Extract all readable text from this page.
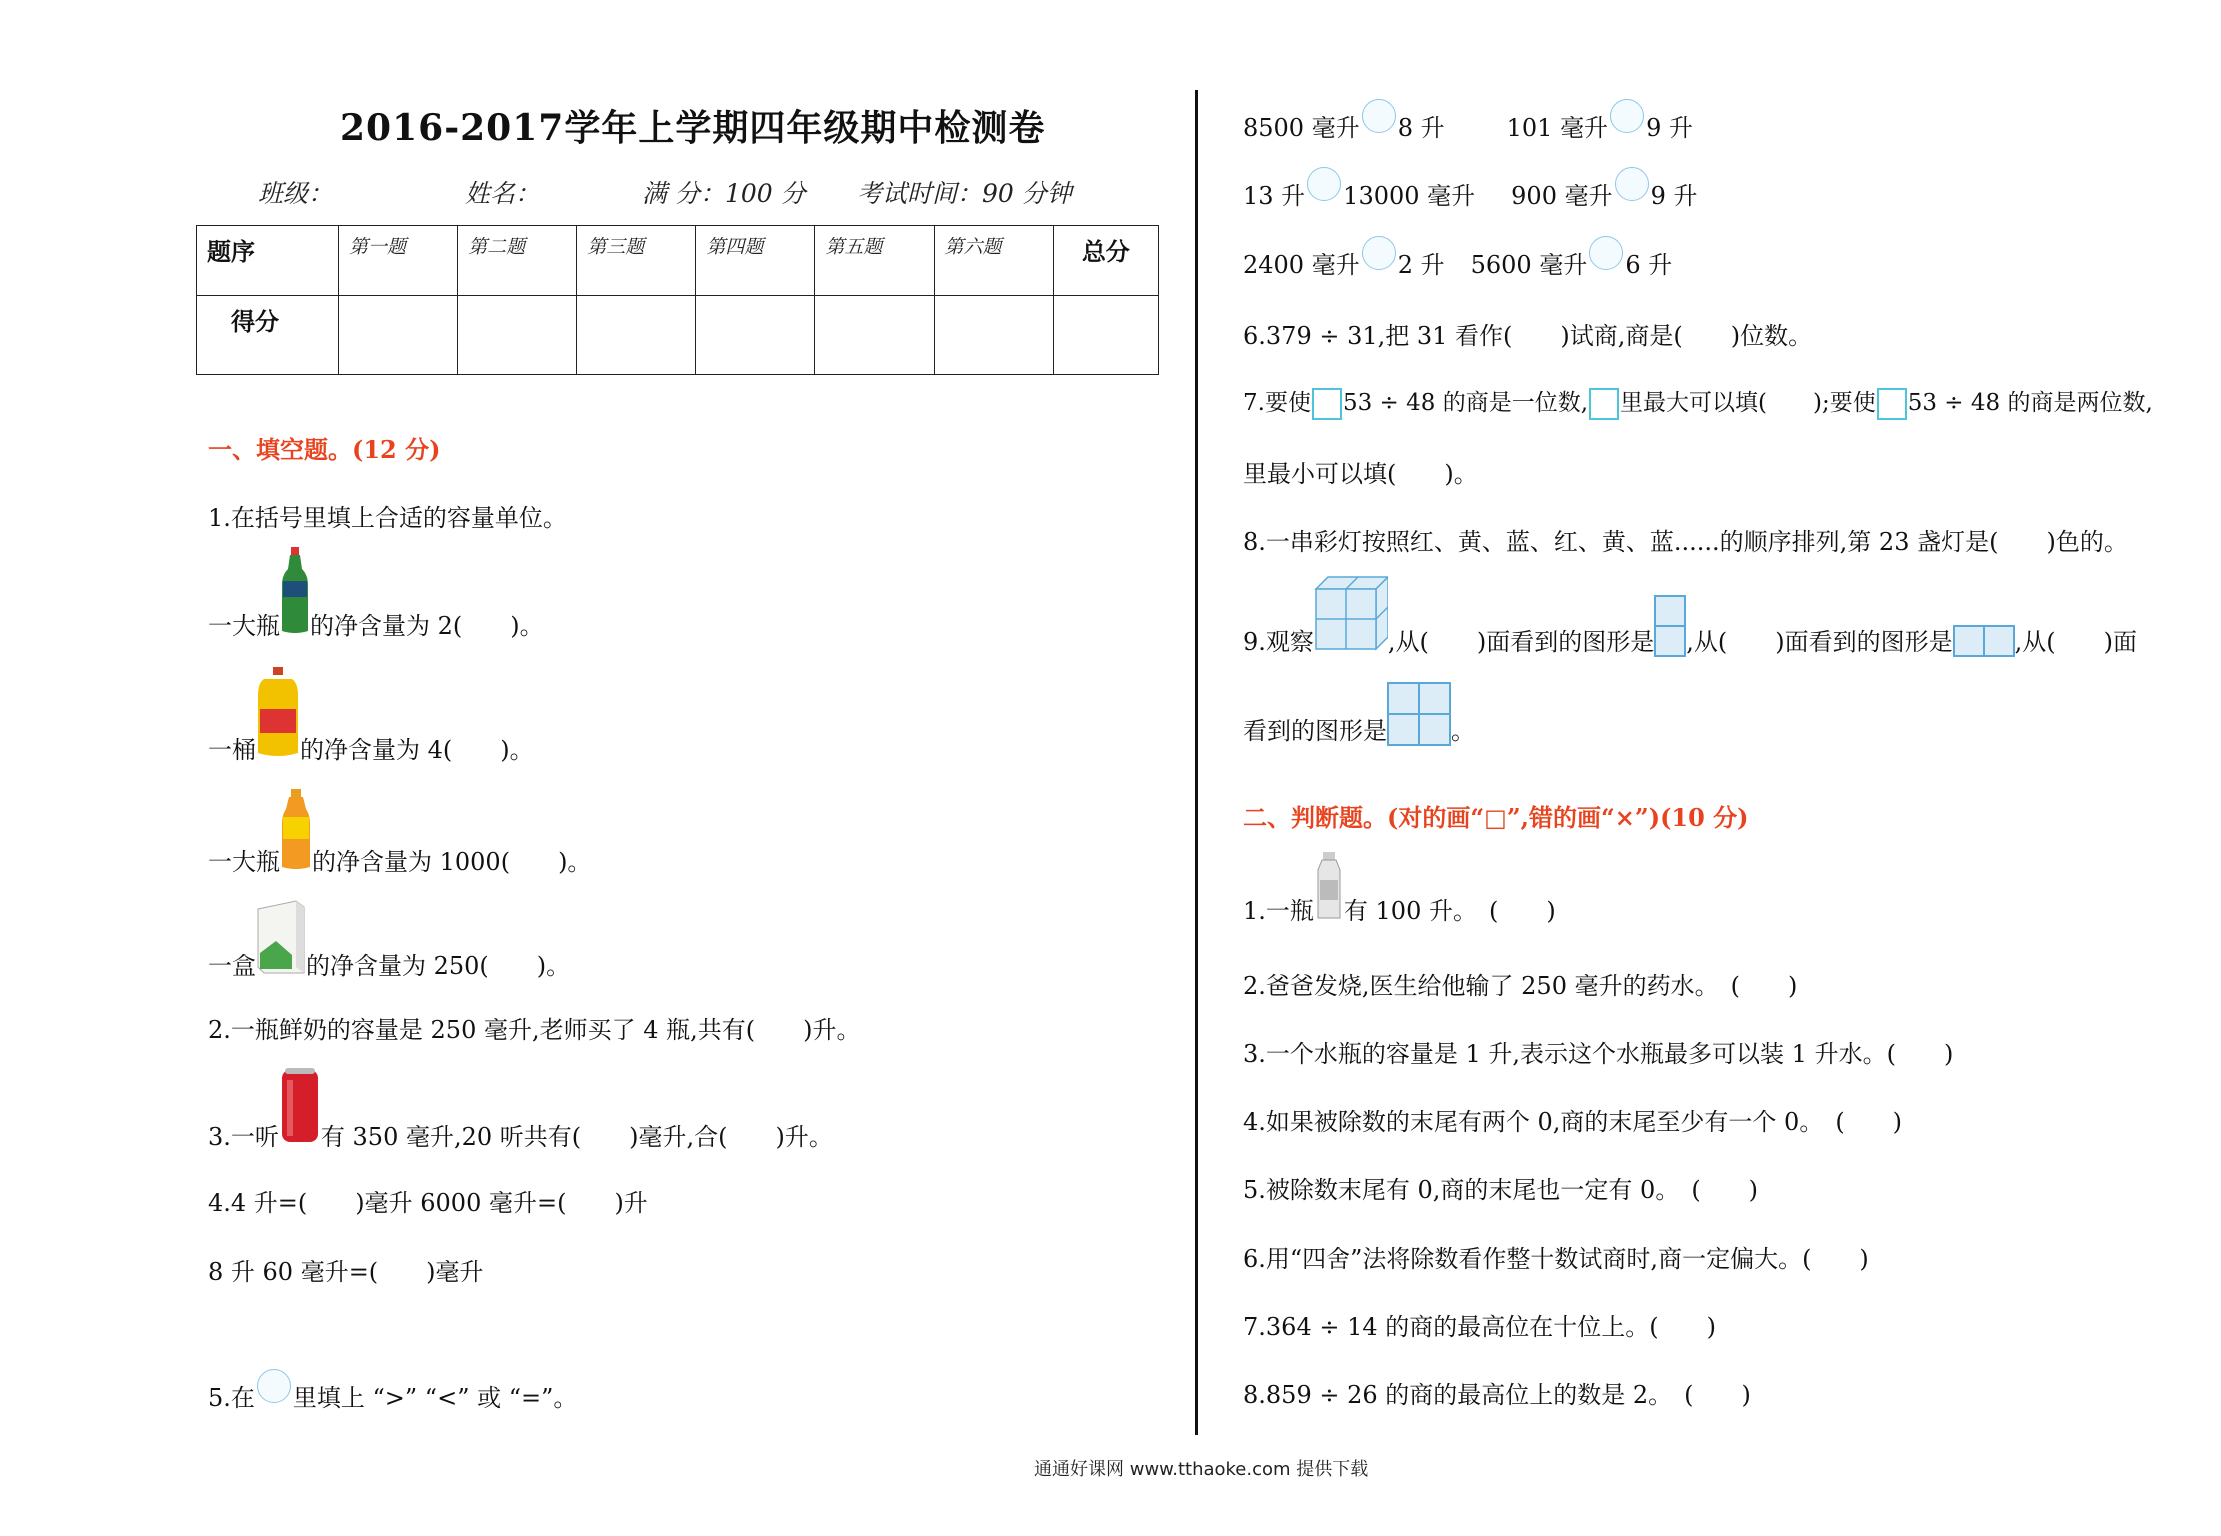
2016-2017学年上学期四年级期中检测卷
班级：	姓名：	满 分：100 分 考试时间：90 分钟
题序	第一题	第二题	第三题	第四题	第五题	第六题	总分
得分							
一、填空题。(12 分)
1.在括号里填上合适的容量单位。
一大瓶 的净含量为 2(　　)。
一桶 的净含量为 4(　　)。
一大瓶 的净含量为 1000(　　)。
一盒 的净含量为 250(　　)。
2.一瓶鲜奶的容量是 250 毫升,老师买了 4 瓶,共有(　　)升。
3.一听 有 350 毫升,20 听共有(　　)毫升,合(　　)升。
4.4 升=(　　)毫升 6000 毫升=(　　)升
8 升 60 毫升=(　　)毫升
5.在 里填上 “>” “<” 或 “=”。
8500 毫升 8 升	101 毫升 9 升
13 升 13000 毫升 900 毫升 9 升
2400 毫升 2 升 5600 毫升 6 升
6.379 ÷ 31,把 31 看作(　　)试商,商是(　　)位数。
7.要使 53 ÷ 48 的商是一位数, 里最大可以填(　　);要使 53 ÷ 48 的商是两位数,
里最小可以填(　　)。
8.一串彩灯按照红、黄、蓝、红、黄、蓝......的顺序排列,第 23 盏灯是(　　)色的。
9.观察	,从(　　)面看到的图形是 ,从(　　)面看到的图形是	,从(　　)面
看到的图形是	。
二、判断题。(对的画“□”,错的画“×”)(10 分)
1.一瓶 有 100 升。　(　　)
2.爸爸发烧,医生给他输了 250 毫升的药水。　(　　)
3.一个水瓶的容量是 1 升,表示这个水瓶最多可以装 1 升水。(　　)
4.如果被除数的末尾有两个 0,商的末尾至少有一个 0。　(　　)
5.被除数末尾有 0,商的末尾也一定有 0。　(　　)
6.用“四舍”法将除数看作整十数试商时,商一定偏大。(　　)
7.364 ÷ 14 的商的最高位在十位上。(　　)
8.859 ÷ 26 的商的最高位上的数是 2。　(　　)
通通好课网 www.tthaoke.com 提供下载
